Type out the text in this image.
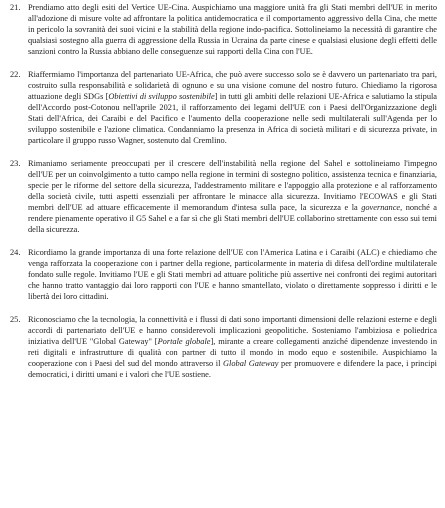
21. Prendiamo atto degli esiti del Vertice UE-Cina. Auspichiamo una maggiore unità fra gli Stati membri dell'UE in merito all'adozione di misure volte ad affrontare la politica antidemocratica e il comportamento aggressivo della Cina, che mette in pericolo la sovranità dei suoi vicini e la stabilità della regione indo-pacifica. Sottolineiamo la necessità di garantire che qualsiasi sostegno alla guerra di aggressione della Russia in Ucraina da parte cinese e qualsiasi elusione degli effetti delle sanzioni contro la Russia abbiano delle conseguenze sui rapporti della Cina con l'UE.
22. Riaffermiamo l'importanza del partenariato UE-Africa, che può avere successo solo se è davvero un partenariato tra pari, costruito sulla responsabilità e solidarietà di ognuno e su una visione comune del nostro futuro. Chiediamo la rigorosa attuazione degli SDGs [Obiettivi di sviluppo sostenibile] in tutti gli ambiti delle relazioni UE-Africa e salutiamo la stipula dell'Accordo post-Cotonou nell'aprile 2021, il rafforzamento dei legami dell'UE con i Paesi dell'Organizzazione degli Stati dell'Africa, dei Caraibi e del Pacifico e l'aumento della cooperazione nelle sedi multilaterali sull'Agenda per lo sviluppo sostenibile e l'azione climatica. Condanniamo la presenza in Africa di società militari e di sicurezza private, in particolare il gruppo russo Wagner, sostenuto dal Cremlino.
23. Rimaniamo seriamente preoccupati per il crescere dell'instabilità nella regione del Sahel e sottolineiamo l'impegno dell'UE per un coinvolgimento a tutto campo nella regione in termini di sostegno politico, assistenza tecnica e finanziaria, specie per le riforme del settore della sicurezza, l'addestramento militare e l'appoggio alla protezione e al rafforzamento della società civile, tutti aspetti essenziali per affrontare le minacce alla sicurezza. Invitiamo l'ECOWAS e gli Stati membri dell'UE ad attuare efficacemente il memorandum d'intesa sulla pace, la sicurezza e la governance, nonché a rendere pienamente operativo il G5 Sahel e a far sì che gli Stati membri dell'UE collaborino strettamente con esso sui temi della sicurezza.
24. Ricordiamo la grande importanza di una forte relazione dell'UE con l'America Latina e i Caraibi (ALC) e chiediamo che venga rafforzata la cooperazione con i partner della regione, particolarmente in materia di difesa dell'ordine multilaterale fondato sulle regole. Invitiamo l'UE e gli Stati membri ad attuare politiche più assertive nei confronti dei regimi autoritari che hanno tratto vantaggio dai loro rapporti con l'UE e hanno smantellato, violato o direttamente soppresso i diritti e le libertà dei loro cittadini.
25. Riconosciamo che la tecnologia, la connettività e i flussi di dati sono importanti dimensioni delle relazioni esterne e degli accordi di partenariato dell'UE e hanno considerevoli implicazioni geopolitiche. Sosteniamo l'ambiziosa e poliedrica iniziativa dell'UE "Global Gateway" [Portale globale], mirante a creare collegamenti anziché dipendenze investendo in reti digitali e infrastrutture di qualità con partner di tutto il mondo in modo equo e sostenibile. Auspichiamo la cooperazione con i Paesi del sud del mondo attraverso il Global Gateway per promuovere e difendere la pace, i principi democratici, i diritti umani e i valori che l'UE sostiene.
